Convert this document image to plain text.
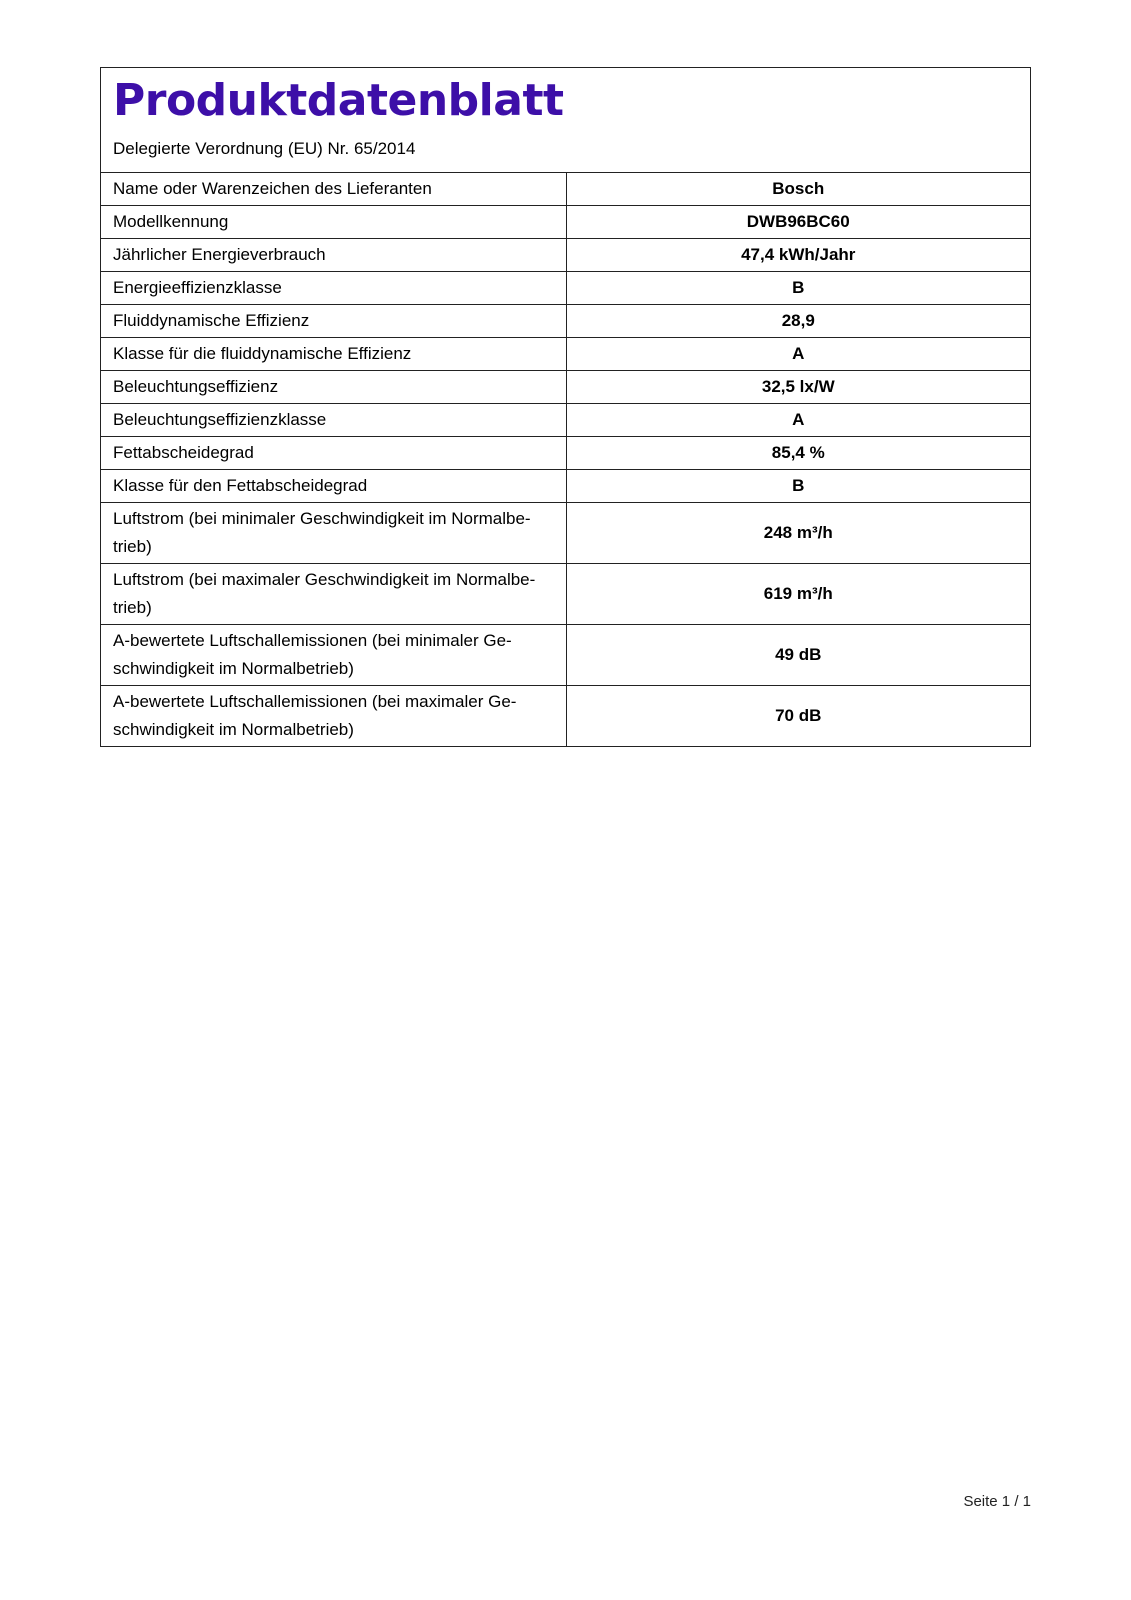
Produktdatenblatt
Delegierte Verordnung (EU) Nr. 65/2014
Name oder Warenzeichen des Lieferanten	Bosch
Modellkennung	DWB96BC60
Jährlicher Energieverbrauch	47,4 kWh/Jahr
Energieeffizienzklasse	B
Fluiddynamische Effizienz	28,9
Klasse für die fluiddynamische Effizienz	A
Beleuchtungseffizienz	32,5 lx/W
Beleuchtungseffizienzklasse	A
Fettabscheidegrad	85,4 %
Klasse für den Fettabscheidegrad	B
Luftstrom (bei minimaler Geschwindigkeit im Normalbe-trieb)	248 m³/h
Luftstrom (bei maximaler Geschwindigkeit im Normalbe-trieb)	619 m³/h
A-bewertete Luftschallemissionen (bei minimaler Ge-schwindigkeit im Normalbetrieb)	49 dB
A-bewertete Luftschallemissionen (bei maximaler Ge-schwindigkeit im Normalbetrieb)	70 dB
Seite 1 / 1
